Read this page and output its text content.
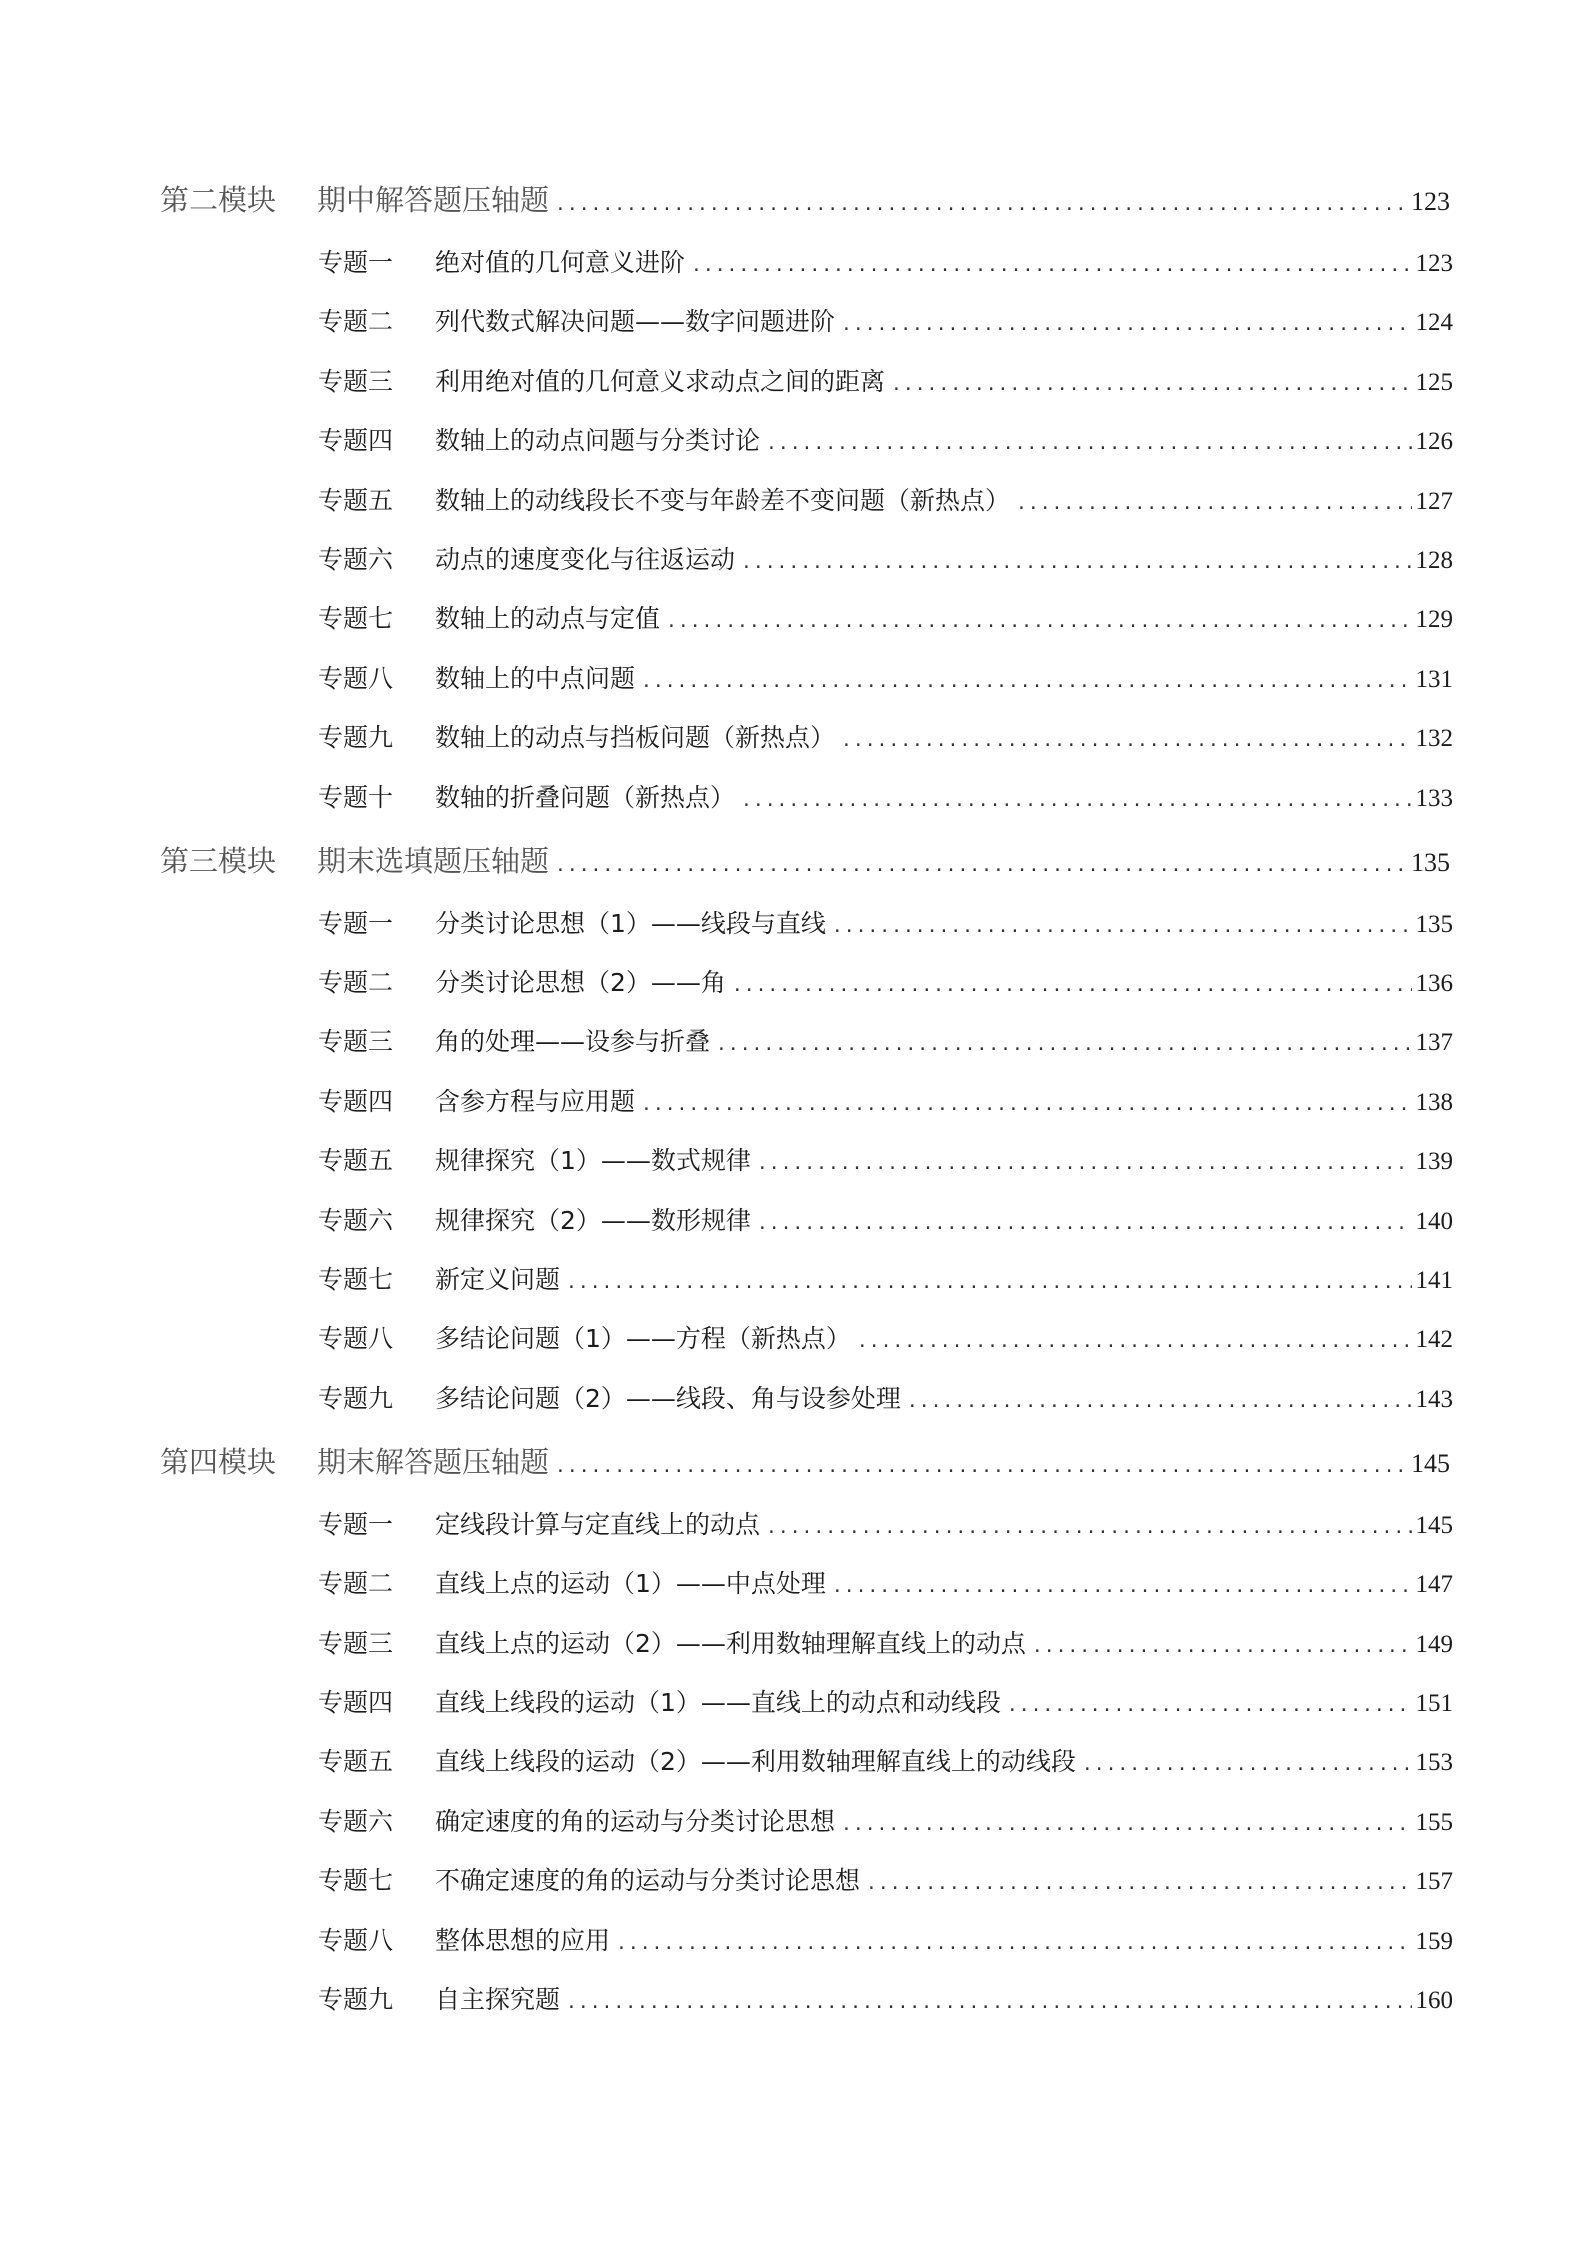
第二模块	期中解答题压轴题 .....	123
专题一	绝对值的几何意义进阶 .....	123
专题二	列代数式解决问题——数字问题进阶 .....	124
专题三	利用绝对值的几何意义求动点之间的距离 .....	125
专题四	数轴上的动点问题与分类讨论 .....	126
专题五	数轴上的动线段长不变与年龄差不变问题（新热点） .....	127
专题六	动点的速度变化与往返运动 .....	128
专题七	数轴上的动点与定值 .....	129
专题八	数轴上的中点问题 .....	131
专题九	数轴上的动点与挡板问题（新热点） .....	132
专题十	数轴的折叠问题（新热点） .....	133
第三模块	期末选填题压轴题 .....	135
专题一	分类讨论思想（1）——线段与直线 .....	135
专题二	分类讨论思想（2）——角 .....	136
专题三	角的处理——设参与折叠 .....	137
专题四	含参方程与应用题 .....	138
专题五	规律探究（1）——数式规律 .....	139
专题六	规律探究（2）——数形规律 .....	140
专题七	新定义问题 .....	141
专题八	多结论问题（1）——方程（新热点） .....	142
专题九	多结论问题（2）——线段、角与设参处理 .....	143
第四模块	期末解答题压轴题 .....	145
专题一	定线段计算与定直线上的动点 .....	145
专题二	直线上点的运动（1）——中点处理 .....	147
专题三	直线上点的运动（2）——利用数轴理解直线上的动点 .....	149
专题四	直线上线段的运动（1）——直线上的动点和动线段 .....	151
专题五	直线上线段的运动（2）——利用数轴理解直线上的动线段 .....	153
专题六	确定速度的角的运动与分类讨论思想 .....	155
专题七	不确定速度的角的运动与分类讨论思想 .....	157
专题八	整体思想的应用 .....	159
专题九	自主探究题 .....	160
